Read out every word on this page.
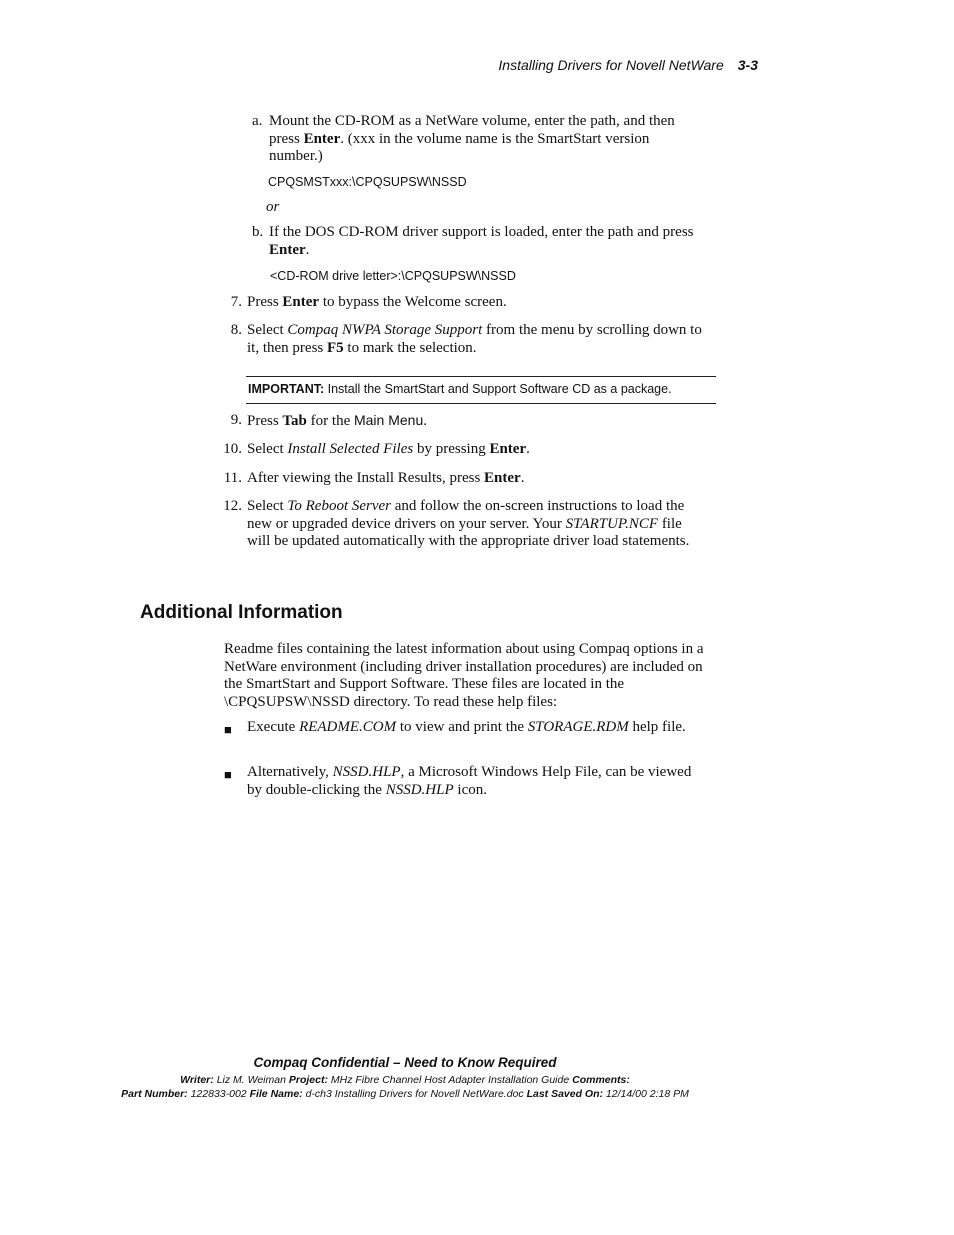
Installing Drivers for Novell NetWare 3-3
a. Mount the CD-ROM as a NetWare volume, enter the path, and then press Enter. (xxx in the volume name is the SmartStart version number.)
CPQSMSTxxx:\CPQSUPSW\NSSD
or
b. If the DOS CD-ROM driver support is loaded, enter the path and press Enter.
<CD-ROM drive letter>:\CPQSUPSW\NSSD
7. Press Enter to bypass the Welcome screen.
8. Select Compaq NWPA Storage Support from the menu by scrolling down to it, then press F5 to mark the selection.
IMPORTANT: Install the SmartStart and Support Software CD as a package.
9. Press Tab for the Main Menu.
10. Select Install Selected Files by pressing Enter.
11. After viewing the Install Results, press Enter.
12. Select To Reboot Server and follow the on-screen instructions to load the new or upgraded device drivers on your server. Your STARTUP.NCF file will be updated automatically with the appropriate driver load statements.
Additional Information
Readme files containing the latest information about using Compaq options in a NetWare environment (including driver installation procedures) are included on the SmartStart and Support Software. These files are located in the \CPQSUPSW\NSSD directory. To read these help files:
■ Execute README.COM to view and print the STORAGE.RDM help file.
■ Alternatively, NSSD.HLP, a Microsoft Windows Help File, can be viewed by double-clicking the NSSD.HLP icon.
Compaq Confidential – Need to Know Required
Writer: Liz M. Weiman Project: MHz Fibre Channel Host Adapter Installation Guide Comments:
Part Number: 122833-002 File Name: d-ch3 Installing Drivers for Novell NetWare.doc Last Saved On: 12/14/00 2:18 PM
